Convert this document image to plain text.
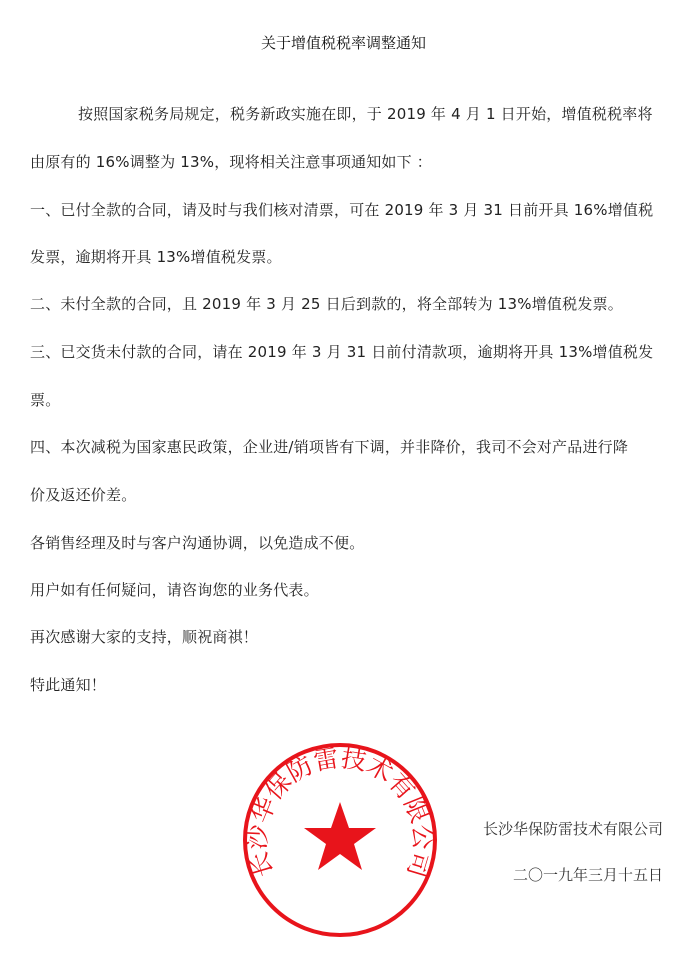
关于增值税税率调整通知
按照国家税务局规定，税务新政实施在即，于 2019 年 4 月 1 日开始，增值税税率将
由原有的 16%调整为 13%，现将相关注意事项通知如下 ：
一、已付全款的合同，请及时与我们核对清票，可在 2019 年 3 月 31 日前开具 16%增值税
发票，逾期将开具 13%增值税发票。
二、未付全款的合同，且 2019 年 3 月 25 日后到款的，将全部转为 13%增值税发票。
三、已交货未付款的合同，请在 2019 年 3 月 31 日前付清款项，逾期将开具 13%增值税发
票。
四、本次减税为国家惠民政策，企业进/销项皆有下调，并非降价，我司不会对产品进行降
价及返还价差。
各销售经理及时与客户沟通协调，以免造成不便。
用户如有任何疑问，请咨询您的业务代表。
再次感谢大家的支持，顺祝商祺！
特此通知！
长沙华保防雷技术有限公司
长沙华保防雷技术有限公司
二〇一九年三月十五日
